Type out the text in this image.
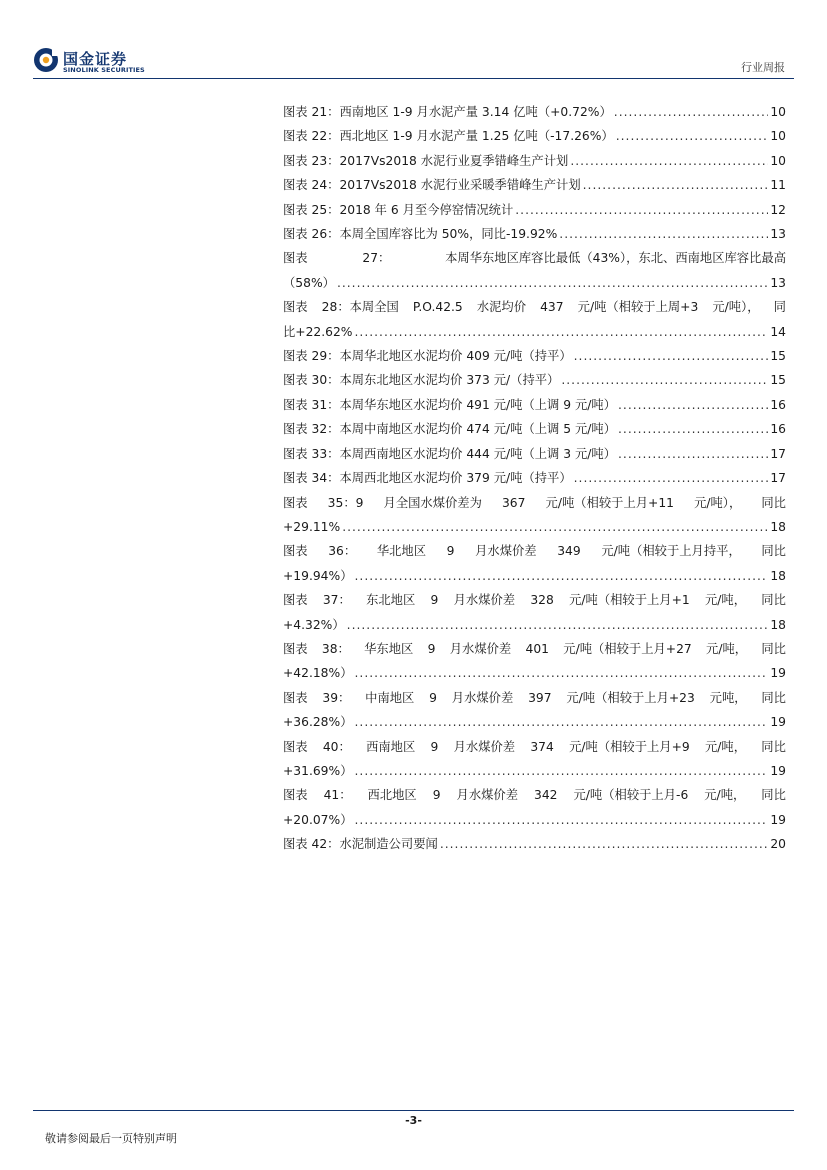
国金证券
SINOLINK SECURITIES	行业周报
图表 21：西南地区 1-9 月水泥产量 3.14 亿吨（+0.72%） .....	10
图表 22：西北地区 1-9 月水泥产量 1.25 亿吨（-17.26%） .....	10
图表 23：2017Vs2018 水泥行业夏季错峰生产计划 .....	10
图表 24：2017Vs2018 水泥行业采暖季错峰生产计划 .....	11
图表 25：2018 年 6 月至今停窑情况统计 .....	12
图表 26：本周全国库容比为 50%，同比-19.92% .....	13
图表	27：	本周华东地区库容比最低（43%），东北、西南地区库容比最高
（58%） .....	13
图表 28：本周全国 P.O.42.5 水泥均价 437 元/吨（相较于上周+3 元/吨）， 同
比+22.62% .....	14
图表 29：本周华北地区水泥均价 409 元/吨（持平） .....	15
图表 30：本周东北地区水泥均价 373 元/（持平） .....	15
图表 31：本周华东地区水泥均价 491 元/吨（上调 9 元/吨） .....	16
图表 32：本周中南地区水泥均价 474 元/吨（上调 5 元/吨） .....	16
图表 33：本周西南地区水泥均价 444 元/吨（上调 3 元/吨） .....	17
图表 34：本周西北地区水泥均价 379 元/吨（持平） .....	17
图表 35：9 月全国水煤价差为 367 元/吨（相较于上月+11 元/吨）， 同比
+29.11% .....	18
图表 36： 华北地区 9 月水煤价差 349 元/吨（相较于上月持平， 同比
+19.94%） .....	18
图表 37： 东北地区 9 月水煤价差 328 元/吨（相较于上月+1 元/吨， 同比
+4.32%） .....	18
图表 38： 华东地区 9 月水煤价差 401 元/吨（相较于上月+27 元/吨， 同比
+42.18%） .....	19
图表 39： 中南地区 9 月水煤价差 397 元/吨（相较于上月+23 元吨， 同比
+36.28%） .....	19
图表 40： 西南地区 9 月水煤价差 374 元/吨（相较于上月+9 元/吨， 同比
+31.69%） .....	19
图表 41： 西北地区 9 月水煤价差 342 元/吨（相较于上月-6 元/吨， 同比
+20.07%） .....	19
图表 42：水泥制造公司要闻 .....	20
-3-
敬请参阅最后一页特别声明
